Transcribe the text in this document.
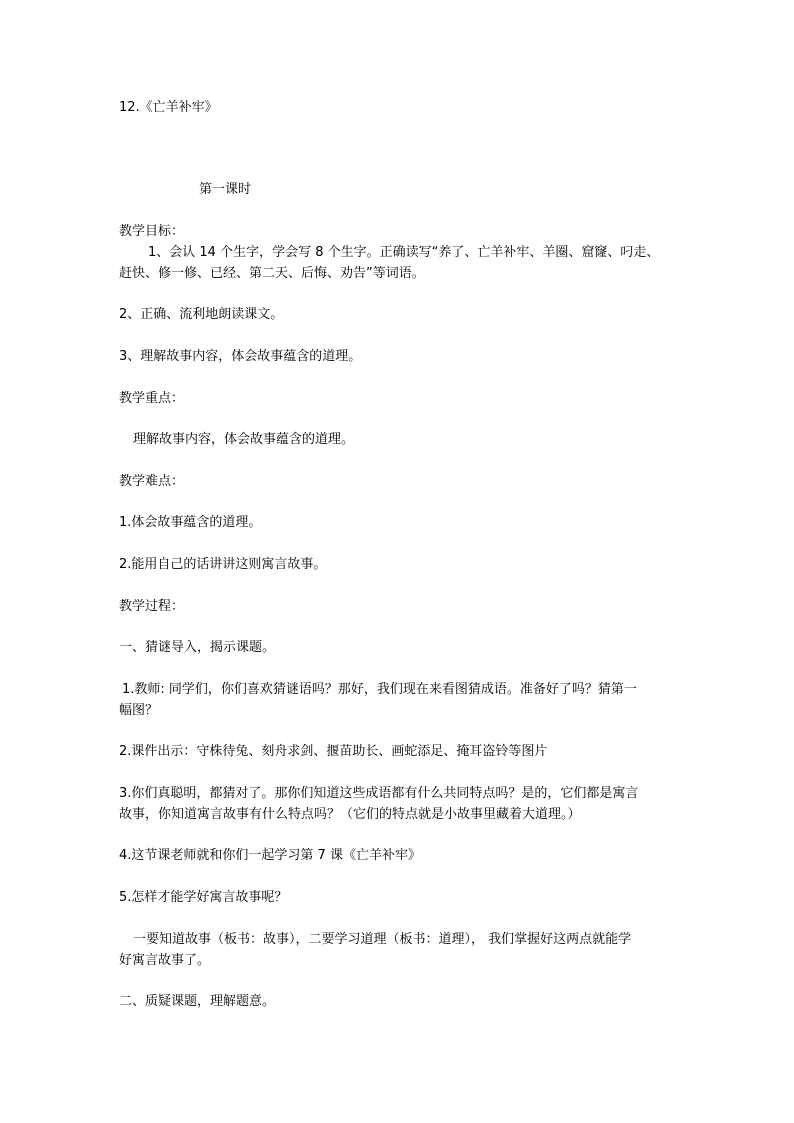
12.《亡羊补牢》
第一课时
教学目标：
1、会认 14 个生字，学会写 8 个生字。正确读写“养了、亡羊补牢、羊圈、窟窿、叼走、
赶快、修一修、已经、第二天、后悔、劝告”等词语。
2、正确、流利地朗读课文。
3、理解故事内容，体会故事蕴含的道理。
教学重点：
理解故事内容，体会故事蕴含的道理。
教学难点：
1.体会故事蕴含的道理。
2.能用自己的话讲讲这则寓言故事。
教学过程：
一、猜谜导入，揭示课题。
1.教师: 同学们，你们喜欢猜谜语吗？那好，我们现在来看图猜成语。准备好了吗？猜第一
幅图？
2.课件出示：守株待兔、刻舟求剑、揠苗助长、画蛇添足、掩耳盗铃等图片
3.你们真聪明，都猜对了。那你们知道这些成语都有什么共同特点吗？是的，它们都是寓言
故事，你知道寓言故事有什么特点吗？（它们的特点就是小故事里藏着大道理。）
4.这节课老师就和你们一起学习第 7 课《亡羊补牢》
5.怎样才能学好寓言故事呢？
一要知道故事（板书：故事），二要学习道理（板书：道理）， 我们掌握好这两点就能学
好寓言故事了。
二、质疑课题，理解题意。
